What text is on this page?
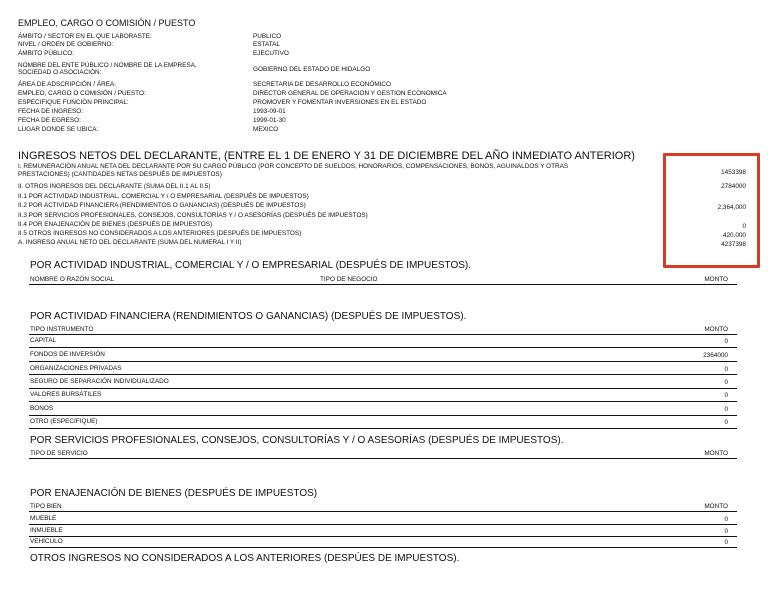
EMPLEO, CARGO O COMISIÓN / PUESTO
ÁMBITO / SECTOR EN EL QUE LABORASTE:	PUBLICO
NIVEL / ORDEN DE GOBIERNO:	ESTATAL
ÁMBITO PÚBLICO:	EJECUTIVO
NOMBRE DEL ENTE PÚBLICO / NOMBRE DE LA EMPRESA,
SOCIEDAD O ASOCIACIÓN:	GOBIERNO DEL ESTADO DE HIDALGO
ÁREA DE ADSCRIPCIÓN / ÁREA:	SECRETARIA DE DESARROLLO ECONÓMICO
EMPLEO, CARGO O COMISIÓN / PUESTO:	DIRECTOR GENERAL DE OPERACION Y GESTION ECONOMICA
ESPECIFIQUE FUNCIÓN PRINCIPAL:	PROMOVER Y FOMENTAR INVERSIONES EN EL ESTADO
FECHA DE INGRESO:	1993-09-01
FECHA DE EGRESO:	1999-01-30
LUGAR DONDE SE UBICA:	MEXICO
INGRESOS NETOS DEL DECLARANTE, (ENTRE EL 1 DE ENERO Y 31 DE DICIEMBRE DEL AÑO INMEDIATO ANTERIOR)
I. REMUNERACIÓN ANUAL NETA DEL DECLARANTE POR SU CARGO PÚBLICO (POR CONCEPTO DE SUELDOS, HONORARIOS, COMPENSACIONES, BONOS, AGUINALDOS Y OTRAS
PRESTACIONES) (CANTIDADES NETAS DESPUÉS DE IMPUESTOS)	1453398
II. OTROS INGRESOS DEL DECLARANTE (SUMA DEL II.1 AL II.5)	2784000
II.1 POR ACTIVIDAD INDUSTRIAL, COMERCIAL Y / O EMPRESARIAL (DESPUÉS DE IMPUESTOS)
II.2 POR ACTIVIDAD FINANCIERA (RENDIMIENTOS O GANANCIAS) (DESPUÉS DE IMPUESTOS)	2,364,000
II.3 POR SERVICIOS PROFESIONALES, CONSEJOS, CONSULTORÍAS Y / O ASESORÍAS (DESPUÉS DE IMPUESTOS)
II.4 POR ENAJENACIÓN DE BIENES (DESPUÉS DE IMPUESTOS)	0
II.5 OTROS INGRESOS NO CONSIDERADOS A LOS ANTERIORES (DESPUÉS DE IMPUESTOS)	420,000
A. INGRESO ANUAL NETO DEL DECLARANTE (SUMA DEL NUMERAL I Y II)	4237398
POR ACTIVIDAD INDUSTRIAL, COMERCIAL Y / O EMPRESARIAL (DESPUÉS DE IMPUESTOS).
NOMBRE O RAZÓN SOCIAL	TIPO DE NEGOCIO	MONTO
POR ACTIVIDAD FINANCIERA (RENDIMIENTOS O GANANCIAS) (DESPUÉS DE IMPUESTOS).
TIPO INSTRUMENTO	MONTO
CAPITAL	0
FONDOS DE INVERSIÓN	2364000
ORGANIZACIONES PRIVADAS	0
SEGURO DE SEPARACIÓN INDIVIDUALIZADO	0
VALORES BURSÁTILES	0
BONOS	0
OTRO (ESPECIFIQUE)	0
POR SERVICIOS PROFESIONALES, CONSEJOS, CONSULTORÍAS Y / O ASESORÍAS (DESPUÉS DE IMPUESTOS).
TIPO DE SERVICIO	MONTO
POR ENAJENACIÓN DE BIENES (DESPUÉS DE IMPUESTOS)
TIPO BIEN	MONTO
MUEBLE	0
INMUEBLE	0
VEHÍCULO	0
OTROS INGRESOS NO CONSIDERADOS A LOS ANTERIORES (DESPÚES DE IMPUESTOS).
